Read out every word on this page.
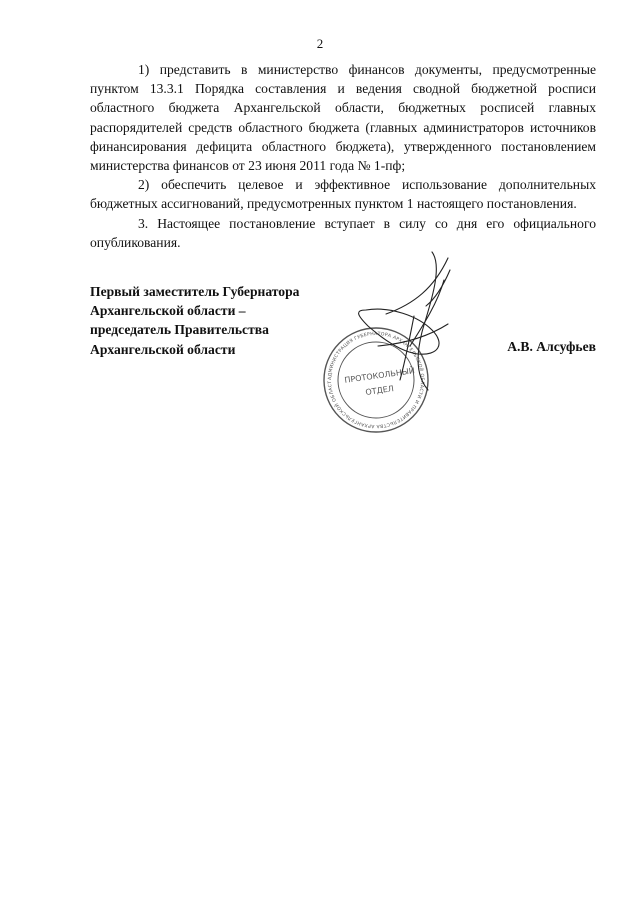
2

1) представить в министерство финансов документы, предусмотренные пунктом 13.3.1 Порядка составления и ведения сводной бюджетной росписи областного бюджета Архангельской области, бюджетных росписей главных распорядителей средств областного бюджета (главных администраторов источников финансирования дефицита областного бюджета), утвержденного постановлением министерства финансов от 23 июня 2011 года № 1-пф;

2) обеспечить целевое и эффективное использование дополнительных бюджетных ассигнований, предусмотренных пунктом 1 настоящего постановления.

3. Настоящее постановление вступает в силу со дня его официального опубликования.

Первый заместитель Губернатора
Архангельской области –
председатель Правительства
Архангельской области	А.В. Алсуфьев
АДМИНИСТРАЦИЯ ГУБЕРНАТОРА АРХАНГЕЛЬСКОЙ ОБЛАСТИ И ПРАВИТЕЛЬСТВА АРХАНГЕЛЬСКОЙ ОБЛАСТИ
ПРОТОКОЛЬНЫЙ
ОТДЕЛ
